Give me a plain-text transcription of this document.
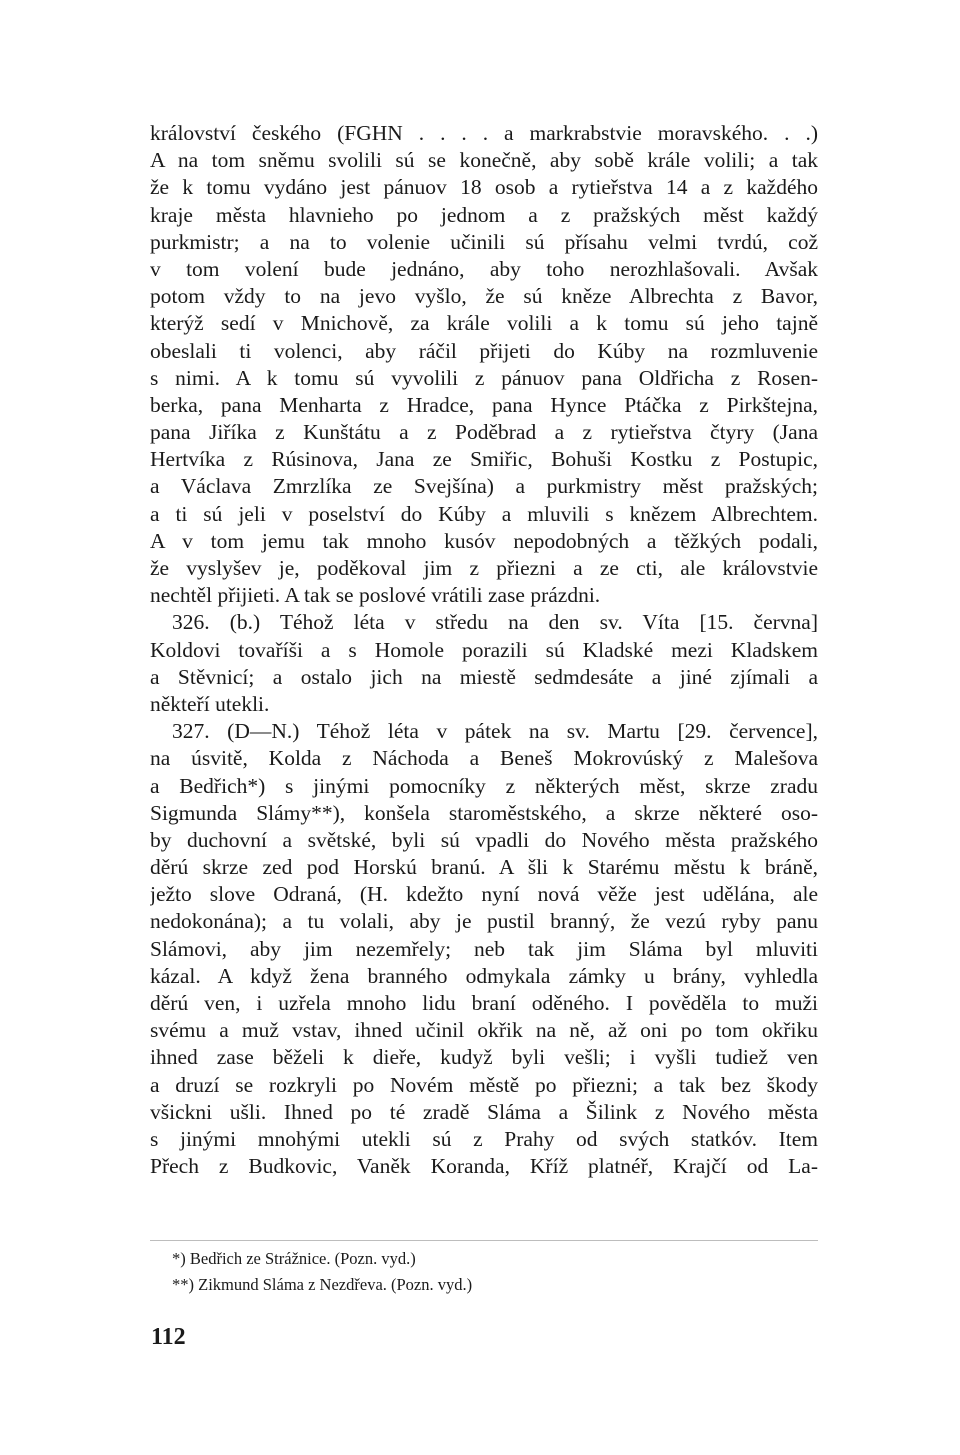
království českého (FGHN . . . . a markrabstvie moravského. . .)
A na tom sněmu svolili sú se konečně, aby sobě krále volili; a tak
že k tomu vydáno jest pánuov 18 osob a rytieřstva 14 a z každého
kraje města hlavnieho po jednom a z pražských měst každý
purkmistr; a na to volenie učinili sú přísahu velmi tvrdú, což
v tom volení bude jednáno, aby toho nerozhlašovali. Avšak
potom vždy to na jevo vyšlo, že sú kněze Albrechta z Bavor,
kterýž sedí v Mnichově, za krále volili a k tomu sú jeho tajně
obeslali ti volenci, aby ráčil přijeti do Kúby na rozmluvenie
s nimi. A k tomu sú vyvolili z pánuov pana Oldřicha z Rosen-
berka, pana Menharta z Hradce, pana Hynce Ptáčka z Pirkštejna,
pana Jiříka z Kunštátu a z Poděbrad a z rytieřstva čtyry (Jana
Hertvíka z Rúsinova, Jana ze Smiřic, Bohuši Kostku z Postupic,
a Václava Zmrzlíka ze Svejšína) a purkmistry měst pražských;
a ti sú jeli v poselství do Kúby a mluvili s knězem Albrechtem.
A v tom jemu tak mnoho kusóv nepodobných a těžkých podali,
že vyslyšev je, poděkoval jim z přiezni a ze cti, ale královstvie
nechtěl přijieti. A tak se poslové vrátili zase prázdni.
326. (b.) Téhož léta v středu na den sv. Víta [15. června]
Koldovi tovaříši a s Homole porazili sú Kladské mezi Kladskem
a Stěvnicí; a ostalo jich na miestě sedmdesáte a jiné zjímali a
někteří utekli.
327. (D—N.) Téhož léta v pátek na sv. Martu [29. července],
na úsvitě, Kolda z Náchoda a Beneš Mokrovúský z Malešova
a Bedřich*) s jinými pomocníky z některých měst, skrze zradu
Sigmunda Slámy**), konšela staroměstského, a skrze některé oso-
by duchovní a světské, byli sú vpadli do Nového města pražského
děrú skrze zed pod Horskú branú. A šli k Starému městu k bráně,
ježto slove Odraná, (H. kdežto nyní nová věže jest udělána, ale
nedokonána); a tu volali, aby je pustil branný, že vezú ryby panu
Slámovi, aby jim nezemřely; neb tak jim Sláma byl mluviti
kázal. A když žena branného odmykala zámky u brány, vyhledla
děrú ven, i uzřela mnoho lidu braní oděného. I pověděla to muži
svému a muž vstav, ihned učinil okřik na ně, až oni po tom okřiku
ihned zase běželi k dieře, kudyž byli vešli; i vyšli tudiež ven
a druzí se rozkryli po Novém městě po přiezni; a tak bez škody
všickni ušli. Ihned po té zradě Sláma a Šilink z Nového města
s jinými mnohými utekli sú z Prahy od svých statkóv. Item
Přech z Budkovic, Vaněk Koranda, Kříž platnéř, Krajčí od La-
*) Bedřich ze Strážnice. (Pozn. vyd.)
**) Zikmund Sláma z Nezdřeva. (Pozn. vyd.)
112
